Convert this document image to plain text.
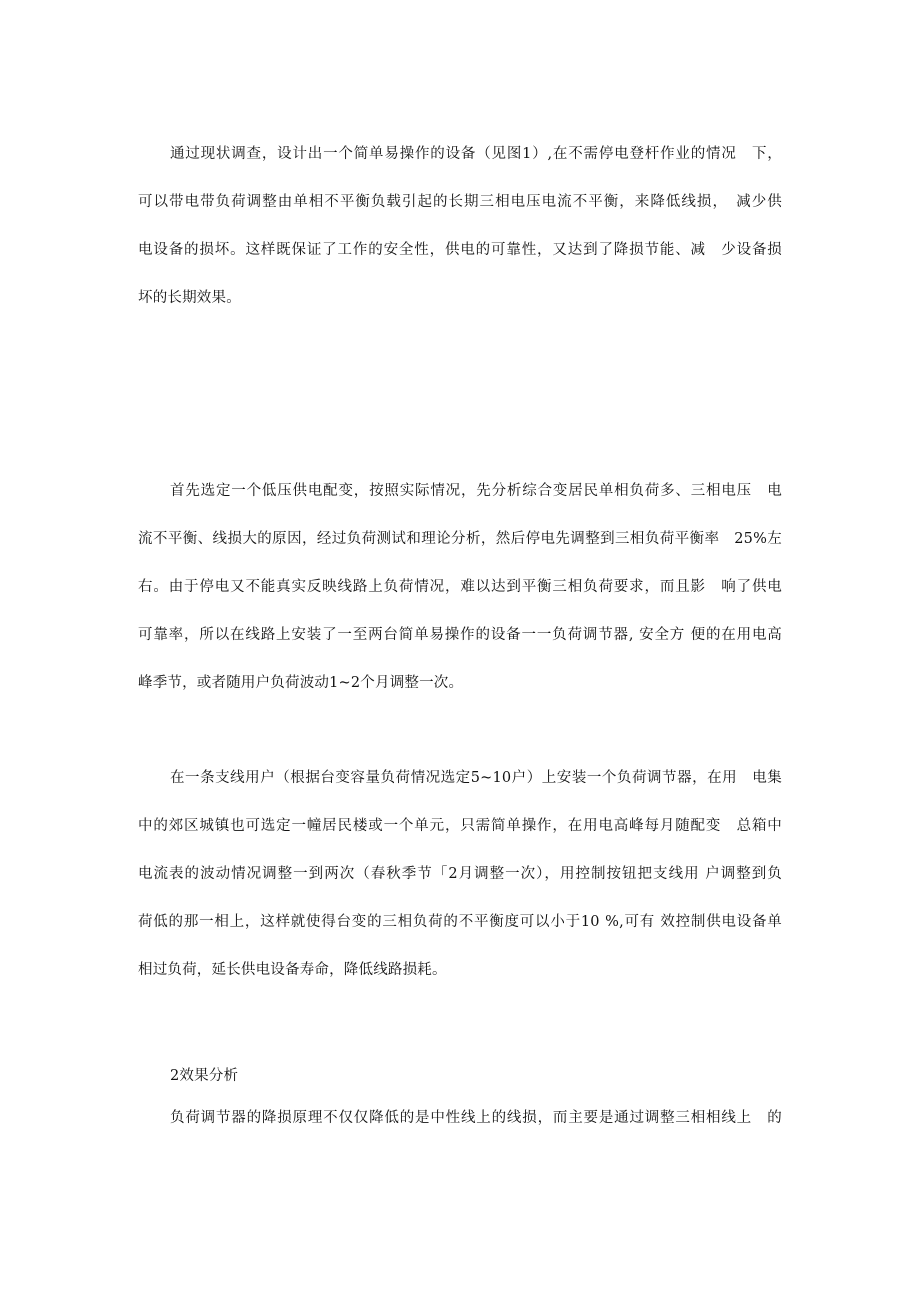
通过现状调查，设计出一个简单易操作的设备（见图1）,在不需停电登杆作业的情况　下，
可以带电带负荷调整由单相不平衡负载引起的长期三相电压电流不平衡，来降低线损，　减少供
电设备的损坏。这样既保证了工作的安全性，供电的可靠性，又达到了降损节能、减　少设备损
坏的长期效果。
首先选定一个低压供电配变，按照实际情况，先分析综合变居民单相负荷多、三相电压　电
流不平衡、线损大的原因，经过负荷测试和理论分析，然后停电先调整到三相负荷平衡率　25%左
右。由于停电又不能真实反映线路上负荷情况，难以达到平衡三相负荷要求，而且影　响了供电
可靠率，所以在线路上安装了一至两台简单易操作的设备一一负荷调节器, 安全方 便的在用电高
峰季节，或者随用户负荷波动1~2个月调整一次。
在一条支线用户（根据台变容量负荷情况选定5~10户）上安装一个负荷调节器，在用　电集
中的郊区城镇也可选定一幢居民楼或一个单元，只需简单操作，在用电高峰每月随配变　总箱中
电流表的波动情况调整一到两次（春秋季节「2月调整一次），用控制按钮把支线用 户调整到负
荷低的那一相上，这样就使得台变的三相负荷的不平衡度可以小于10 %,可有 效控制供电设备单
相过负荷，延长供电设备寿命，降低线路损耗。
2效果分析
负荷调节器的降损原理不仅仅降低的是中性线上的线损，而主要是通过调整三相相线上　的
